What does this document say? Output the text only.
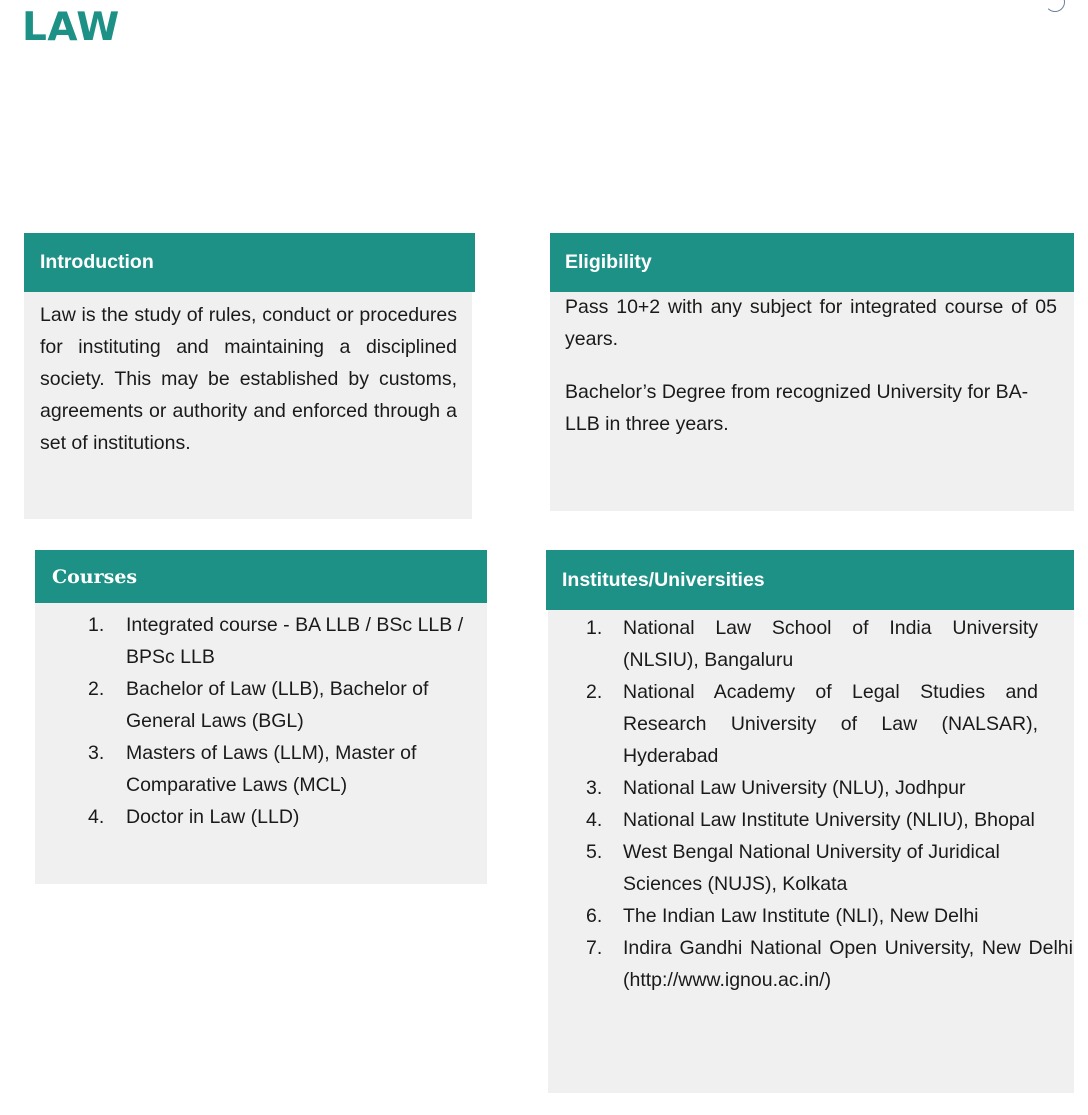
LAW

Law is the study of rules, conduct or procedures for instituting and maintaining a disciplined society. This may be established by customs, agreements or authority and enforced through a set of institutions.

Introduction

Pass 10+2 with any subject for integrated course of 05 years.

Bachelor’s Degree from recognized University for BA-LLB in three years.

Eligibility
1. Integrated course - BA LLB / BSc LLB / BPSc LLB
2. Bachelor of Law (LLB), Bachelor of General Laws (BGL)
3. Masters of Laws (LLM), Master of Comparative Laws (MCL)
4. Doctor in Law (LLD)
Courses
1. National Law School of India University (NLSIU), Bangaluru
2. National Academy of Legal Studies and Research University of Law (NALSAR), Hyderabad
3. National Law University (NLU), Jodhpur
4. National Law Institute University (NLIU), Bhopal
5. West Bengal National University of Juridical Sciences (NUJS), Kolkata
6. The Indian Law Institute (NLI), New Delhi
7. Indira Gandhi National Open University, New Delhi (http://www.ignou.ac.in/)
Institutes/Universities
